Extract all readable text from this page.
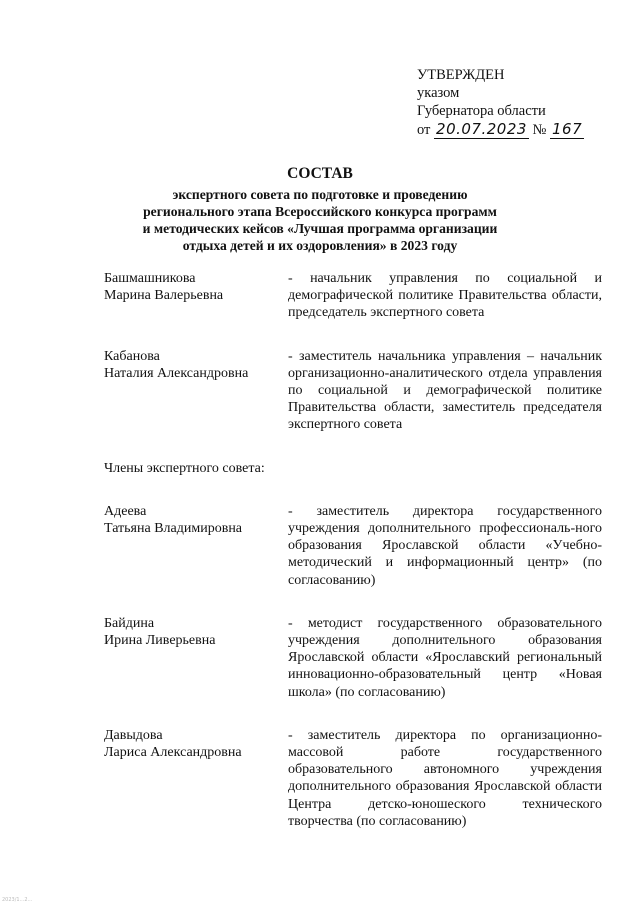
УТВЕРЖДЕН
указом
Губернатора области
от 20.07.2023 № 167
СОСТАВ
экспертного совета по подготовке и проведению
регионального этапа Всероссийского конкурса программ
и методических кейсов «Лучшая программа организации
отдыха детей и их оздоровления» в 2023 году
Башмашникова
Марина Валерьевна
- начальник управления по социальной и демографической политике Правительства области, председатель экспертного совета
Кабанова
Наталия Александровна
- заместитель начальника управления – начальник организационно-аналитического отдела управления по социальной и демографической политике Правительства области, заместитель председателя экспертного совета
Члены экспертного совета:
Адеева
Татьяна Владимировна
- заместитель директора государственного учреждения дополнительного профессиональ-ного образования Ярославской области «Учебно-методический и информационный центр» (по согласованию)
Байдина
Ирина Ливерьевна
- методист государственного образовательного учреждения дополнительного образования Ярославской области «Ярославский региональный инновационно-образовательный центр «Новая школа» (по согласованию)
Давыдова
Лариса Александровна
- заместитель директора по организационно-массовой работе государственного образовательного автономного учреждения дополнительного образования Ярославской области Центра детско-юношеского технического творчества (по согласованию)
2023/1...2...
